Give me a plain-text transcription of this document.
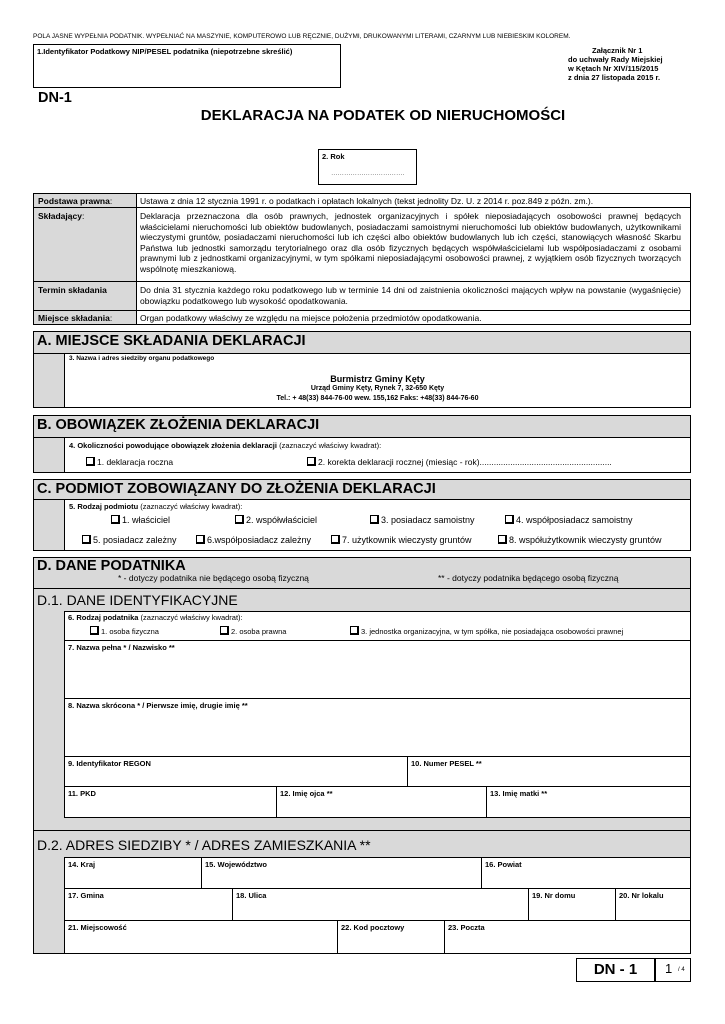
POLA JASNE WYPEŁNIA PODATNIK. WYPEŁNIAĆ NA MASZYNIE, KOMPUTEROWO LUB RĘCZNIE, DUŻYMI, DRUKOWANYMI LITERAMI, CZARNYM LUB NIEBIESKIM KOLOREM.
1.Identyfikator Podatkowy NIP/PESEL podatnika (niepotrzebne skreślić)	Załącznik Nr 1
do uchwały Rady Miejskiej
w Kętach Nr XIV/115/2015
z dnia 27 listopada 2015 r.
DN-1
DEKLARACJA NA PODATEK OD NIERUCHOMOŚCI
2. Rok
…………………………….
Podstawa prawna:	Ustawa z dnia 12 stycznia 1991 r. o podatkach i opłatach lokalnych (tekst jednolity Dz. U. z 2014 r. poz.849 z późn. zm.).
Składający:	Deklaracja przeznaczona dla osób prawnych, jednostek organizacyjnych i spółek nieposiadających osobowości prawnej będących właścicielami nieruchomości lub obiektów budowlanych, posiadaczami samoistnymi nieruchomości lub obiektów budowlanych, użytkownikami wieczystymi gruntów, posiadaczami nieruchomości lub ich części albo obiektów budowlanych lub ich części, stanowiących własność Skarbu Państwa lub jednostki samorządu terytorialnego oraz dla osób fizycznych będących współwłaścicielami lub współposiadaczami z osobami prawnymi lub z jednostkami organizacyjnymi, w tym spółkami nieposiadającymi osobowości prawnej, z wyjątkiem osób fizycznych tworzących wspólnotę mieszkaniową.
Termin składania	Do dnia 31 stycznia każdego roku podatkowego lub w terminie 14 dni od zaistnienia okoliczności mających wpływ na powstanie (wygaśnięcie) obowiązku podatkowego lub wysokość opodatkowania.
Miejsce składania:	Organ podatkowy właściwy ze względu na miejsce położenia przedmiotów opodatkowania.
A. MIEJSCE SKŁADANIA DEKLARACJI
3. Nazwa i adres siedziby organu podatkowego
Burmistrz Gminy Kęty
Urząd Gminy Kęty, Rynek 7, 32-650 Kęty
Tel.: + 48(33) 844-76-00 wew. 155,162 Faks: +48(33) 844-76-60
B. OBOWIĄZEK ZŁOŻENIA DEKLARACJI
4. Okoliczności powodujące obowiązek złożenia deklaracji (zaznaczyć właściwy kwadrat):
1. deklaracja roczna	2. korekta deklaracji rocznej (miesiąc - rok)........................................................
C. PODMIOT ZOBOWIĄZANY DO ZŁOŻENIA DEKLARACJI
5. Rodzaj podmiotu (zaznaczyć właściwy kwadrat):
1. właściciel	2. współwłaściciel	3. posiadacz samoistny	4. współposiadacz samoistny
5. posiadacz zależny	6.współposiadacz zależny	7. użytkownik wieczysty gruntów	8. współużytkownik wieczysty gruntów
D. DANE PODATNIKA
* - dotyczy podatnika nie będącego osobą fizyczną	** - dotyczy podatnika będącego osobą fizyczną
D.1. DANE IDENTYFIKACYJNE
6. Rodzaj podatnika (zaznaczyć właściwy kwadrat):
1. osoba fizyczna	2. osoba prawna	3. jednostka organizacyjna, w tym spółka, nie posiadająca osobowości prawnej
7. Nazwa pełna * / Nazwisko **
8. Nazwa skrócona * / Pierwsze imię, drugie imię **
9. Identyfikator REGON	10. Numer PESEL **
11. PKD	12. Imię ojca **	13. Imię matki **
D.2. ADRES SIEDZIBY * / ADRES ZAMIESZKANIA **
14. Kraj	15. Województwo	16. Powiat
17. Gmina	18. Ulica	19. Nr domu	20. Nr lokalu
21. Miejscowość	22. Kod pocztowy	23. Poczta
DN - 1	1 / 4
